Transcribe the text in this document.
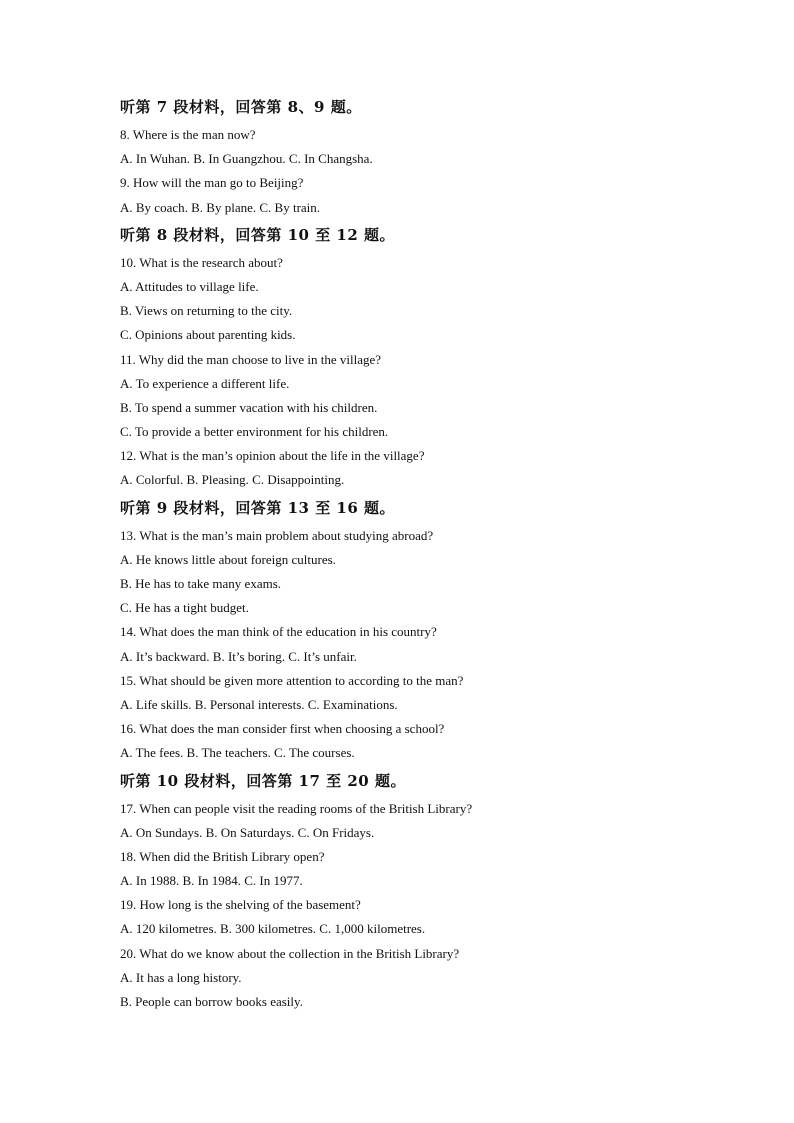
听第 7 段材料，回答第 8、9 题。

8. Where is the man now?

A. In Wuhan. B. In Guangzhou. C. In Changsha.

9. How will the man go to Beijing?

A. By coach. B. By plane. C. By train.

听第 8 段材料，回答第 10 至 12 题。

10. What is the research about?

A. Attitudes to village life.

B. Views on returning to the city.

C. Opinions about parenting kids.

11. Why did the man choose to live in the village?

A. To experience a different life.

B. To spend a summer vacation with his children.

C. To provide a better environment for his children.

12. What is the man’s opinion about the life in the village?

A. Colorful. B. Pleasing. C. Disappointing.

听第 9 段材料，回答第 13 至 16 题。

13. What is the man’s main problem about studying abroad?

A. He knows little about foreign cultures.

B. He has to take many exams.

C. He has a tight budget.

14. What does the man think of the education in his country?

A. It’s backward. B. It’s boring. C. It’s unfair.

15. What should be given more attention to according to the man?

A. Life skills. B. Personal interests. C. Examinations.

16. What does the man consider first when choosing a school?

A. The fees. B. The teachers. C. The courses.

听第 10 段材料，回答第 17 至 20 题。

17. When can people visit the reading rooms of the British Library?

A. On Sundays. B. On Saturdays. C. On Fridays.

18. When did the British Library open?

A. In 1988. B. In 1984. C. In 1977.

19. How long is the shelving of the basement?

A. 120 kilometres. B. 300 kilometres. C. 1,000 kilometres.

20. What do we know about the collection in the British Library?

A. It has a long history.

B. People can borrow books easily.
